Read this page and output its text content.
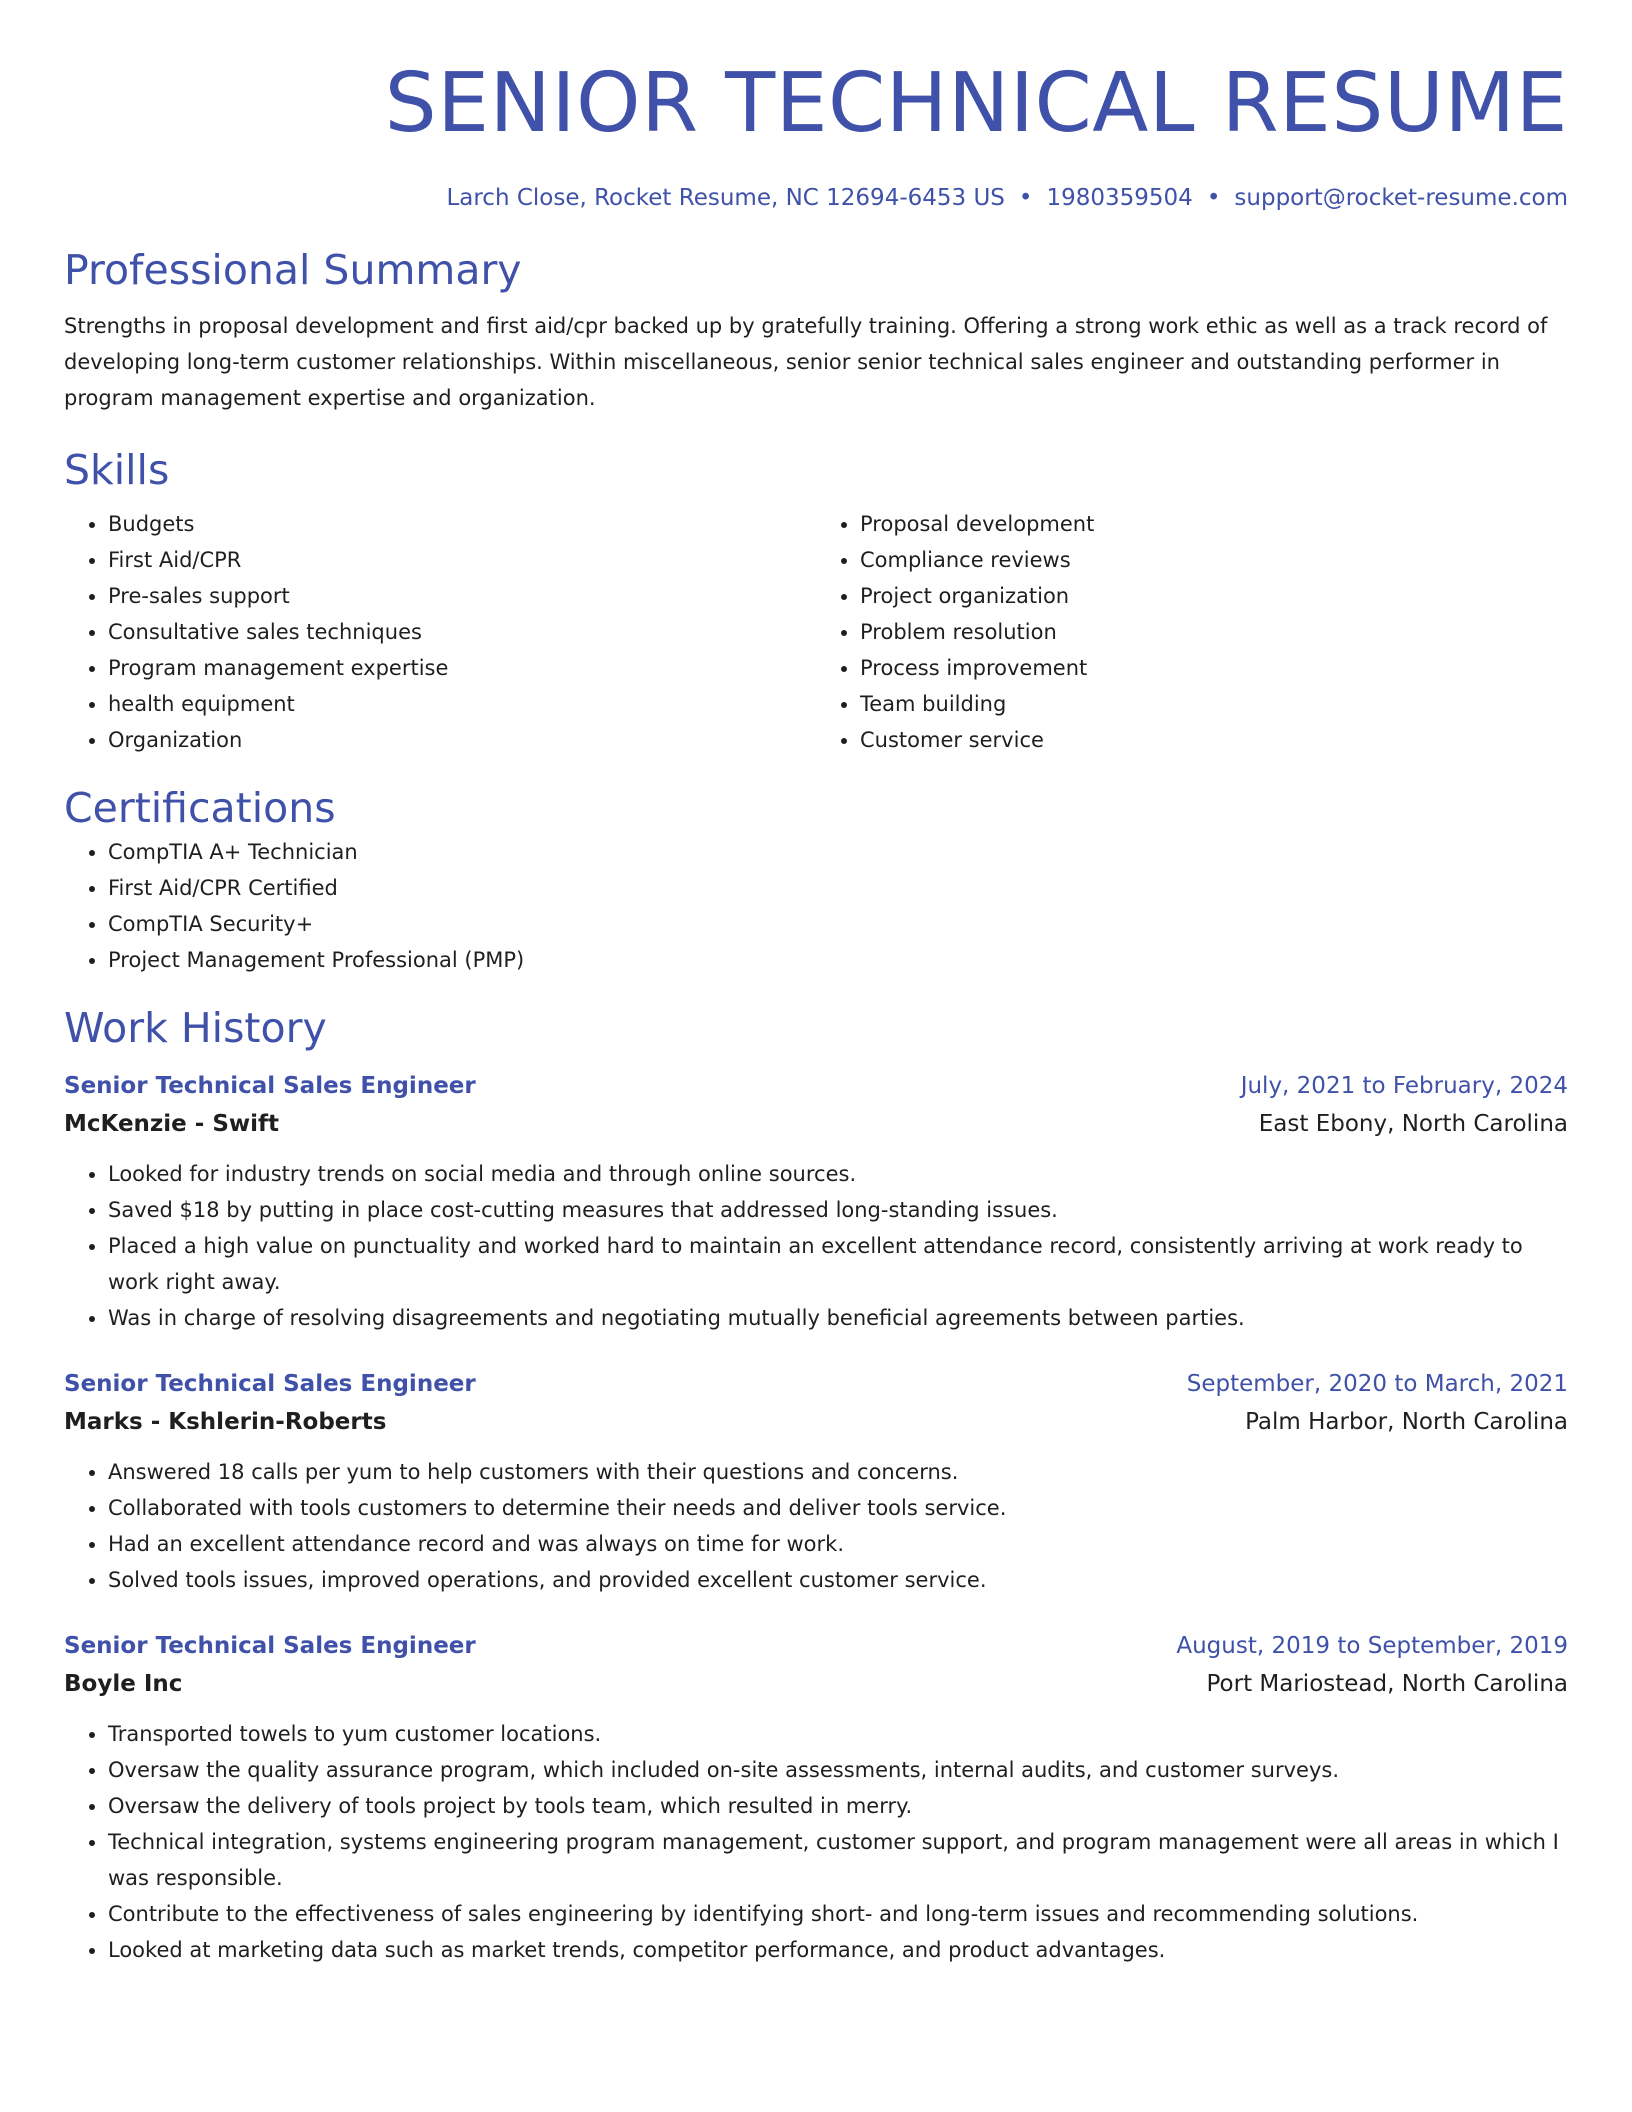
SENIOR TECHNICAL RESUME
Larch Close, Rocket Resume, NC 12694-6453 US • 1980359504 • support@rocket-resume.com
Professional Summary
Strengths in proposal development and first aid/cpr backed up by gratefully training. Offering a strong work ethic as well as a track record of developing long-term customer relationships. Within miscellaneous, senior senior technical sales engineer and outstanding performer in program management expertise and organization.
Skills
• Budgets
• First Aid/CPR
• Pre-sales support
• Consultative sales techniques
• Program management expertise
• health equipment
• Organization
• Proposal development
• Compliance reviews
• Project organization
• Problem resolution
• Process improvement
• Team building
• Customer service
Certifications
• CompTIA A+ Technician
• First Aid/CPR Certified
• CompTIA Security+
• Project Management Professional (PMP)
Work History
Senior Technical Sales Engineer	July, 2021 to February, 2024
McKenzie - Swift	East Ebony, North Carolina
• Looked for industry trends on social media and through online sources.
• Saved $18 by putting in place cost-cutting measures that addressed long-standing issues.
• Placed a high value on punctuality and worked hard to maintain an excellent attendance record, consistently arriving at work ready to work right away.
• Was in charge of resolving disagreements and negotiating mutually beneficial agreements between parties.
Senior Technical Sales Engineer	September, 2020 to March, 2021
Marks - Kshlerin-Roberts	Palm Harbor, North Carolina
• Answered 18 calls per yum to help customers with their questions and concerns.
• Collaborated with tools customers to determine their needs and deliver tools service.
• Had an excellent attendance record and was always on time for work.
• Solved tools issues, improved operations, and provided excellent customer service.
Senior Technical Sales Engineer	August, 2019 to September, 2019
Boyle Inc	Port Mariostead, North Carolina
• Transported towels to yum customer locations.
• Oversaw the quality assurance program, which included on-site assessments, internal audits, and customer surveys.
• Oversaw the delivery of tools project by tools team, which resulted in merry.
• Technical integration, systems engineering program management, customer support, and program management were all areas in which I was responsible.
• Contribute to the effectiveness of sales engineering by identifying short- and long-term issues and recommending solutions.
• Looked at marketing data such as market trends, competitor performance, and product advantages.
